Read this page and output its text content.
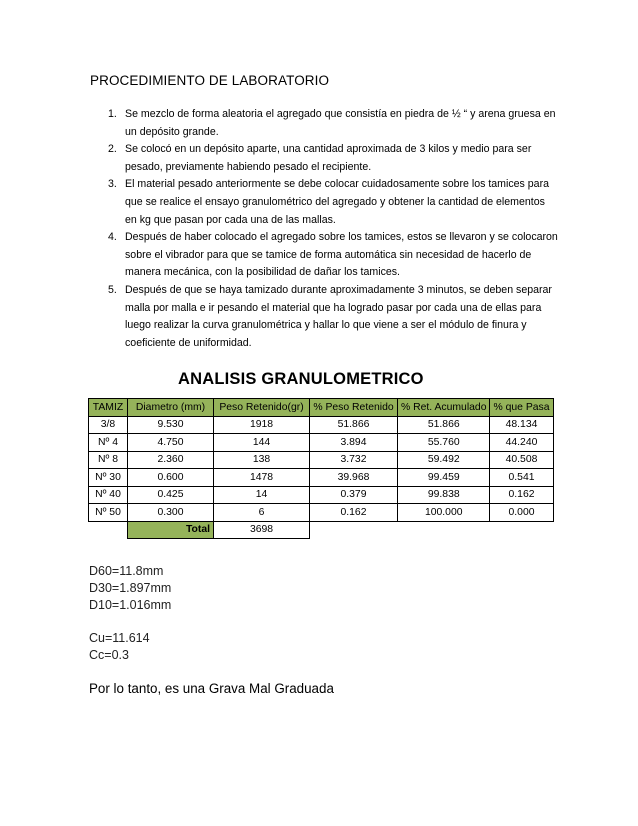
PROCEDIMIENTO DE LABORATORIO
1. Se mezclo de forma aleatoria el agregado que consistía en piedra de ½ “ y arena gruesa en
un depósito grande.
2. Se colocó en un depósito aparte, una cantidad aproximada de 3 kilos y medio para ser
pesado, previamente habiendo pesado el recipiente.
3. El material pesado anteriormente se debe colocar cuidadosamente sobre los tamices para
que se realice el ensayo granulométrico del agregado y obtener la cantidad de elementos
en kg que pasan por cada una de las mallas.
4. Después de haber colocado el agregado sobre los tamices, estos se llevaron y se colocaron
sobre el vibrador para que se tamice de forma automática sin necesidad de hacerlo de
manera mecánica, con la posibilidad de dañar los tamices.
5. Después de que se haya tamizado durante aproximadamente 3 minutos, se deben separar
malla por malla e ir pesando el material que ha logrado pasar por cada una de ellas para
luego realizar la curva granulométrica y hallar lo que viene a ser el módulo de finura y
coeficiente de uniformidad.
ANALISIS GRANULOMETRICO
TAMIZ	Diametro (mm)	Peso Retenido(gr)	% Peso Retenido	% Ret. Acumulado	% que Pasa
3/8	9.530	1918	51.866	51.866	48.134
Nº 4	4.750	144	3.894	55.760	44.240
Nº 8	2.360	138	3.732	59.492	40.508
Nº 30	0.600	1478	39.968	99.459	0.541
Nº 40	0.425	14	0.379	99.838	0.162
Nº 50	0.300	6	0.162	100.000	0.000
	Total	3698			
D60=11.8mm
D30=1.897mm
D10=1.016mm
Cu=11.614
Cc=0.3
Por lo tanto, es una Grava Mal Graduada
